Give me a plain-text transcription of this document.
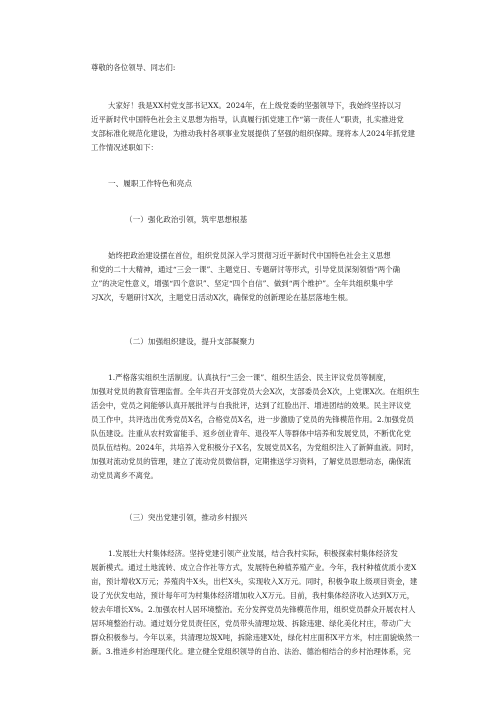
尊敬的各位领导、同志们:
大家好！我是XX村党支部书记XX。2024年，在上级党委的坚强领导下，我始终坚持以习
近平新时代中国特色社会主义思想为指导，认真履行抓党建工作“第一责任人”职责，扎实推进党
支部标准化规范化建设，为推动我村各项事业发展提供了坚强的组织保障。现将本人2024年抓党建
工作情况述职如下：
一、履职工作特色和亮点
（一）强化政治引领，筑牢思想根基
始终把政治建设摆在首位，组织党员深入学习贯彻习近平新时代中国特色社会主义思想
和党的二十大精神，通过“三会一课”、主题党日、专题研讨等形式，引导党员深刻领悟“两个确
立”的决定性意义，增强“四个意识”、坚定“四个自信”、做到“两个维护”。全年共组织集中学
习X次，专题研讨X次，主题党日活动X次，确保党的创新理论在基层落地生根。
（二）加强组织建设，提升支部凝聚力
1.严格落实组织生活制度。认真执行“三会一课”、组织生活会、民主评议党员等制度，
加强对党员的教育管理监督。全年共召开支部党员大会X次，支部委员会X次，上党课X次。在组织生
活会中，党员之间能够认真开展批评与自我批评，达到了红脸出汗、增进团结的效果。民主评议党
员工作中，共评选出优秀党员X名，合格党员X名，进一步激励了党员的先锋模范作用。2.加强党员
队伍建设。注重从农村致富能手、返乡创业青年、退役军人等群体中培养和发展党员，不断优化党
员队伍结构。2024年，共培养入党积极分子X名，发展党员X名，为党组织注入了新鲜血液。同时，
加强对流动党员的管理，建立了流动党员微信群，定期推送学习资料，了解党员思想动态，确保流
动党员离乡不离党。
（三）突出党建引领，推动乡村振兴
1.发展壮大村集体经济。坚持党建引领产业发展，结合我村实际，积极探索村集体经济发
展新模式。通过土地流转、成立合作社等方式，发展特色种植养殖产业。今年，我村种植优质小麦X
亩，预计增收X万元；养殖肉牛X头，出栏X头，实现收入X万元。同时，积极争取上级项目资金，建
设了光伏发电站，预计每年可为村集体经济增加收入X万元。目前，我村集体经济收入达到X万元，
较去年增长X%。2.加强农村人居环境整治。充分发挥党员先锋模范作用，组织党员群众开展农村人
居环境整治行动。通过划分党员责任区，党员带头清理垃圾、拆除违建、绿化美化村庄，带动广大
群众积极参与。今年以来，共清理垃圾X吨，拆除违建X处，绿化村庄面积X平方米，村庄面貌焕然一
新。3.推进乡村治理现代化。建立健全党组织领导的自治、法治、德治相结合的乡村治理体系，完
